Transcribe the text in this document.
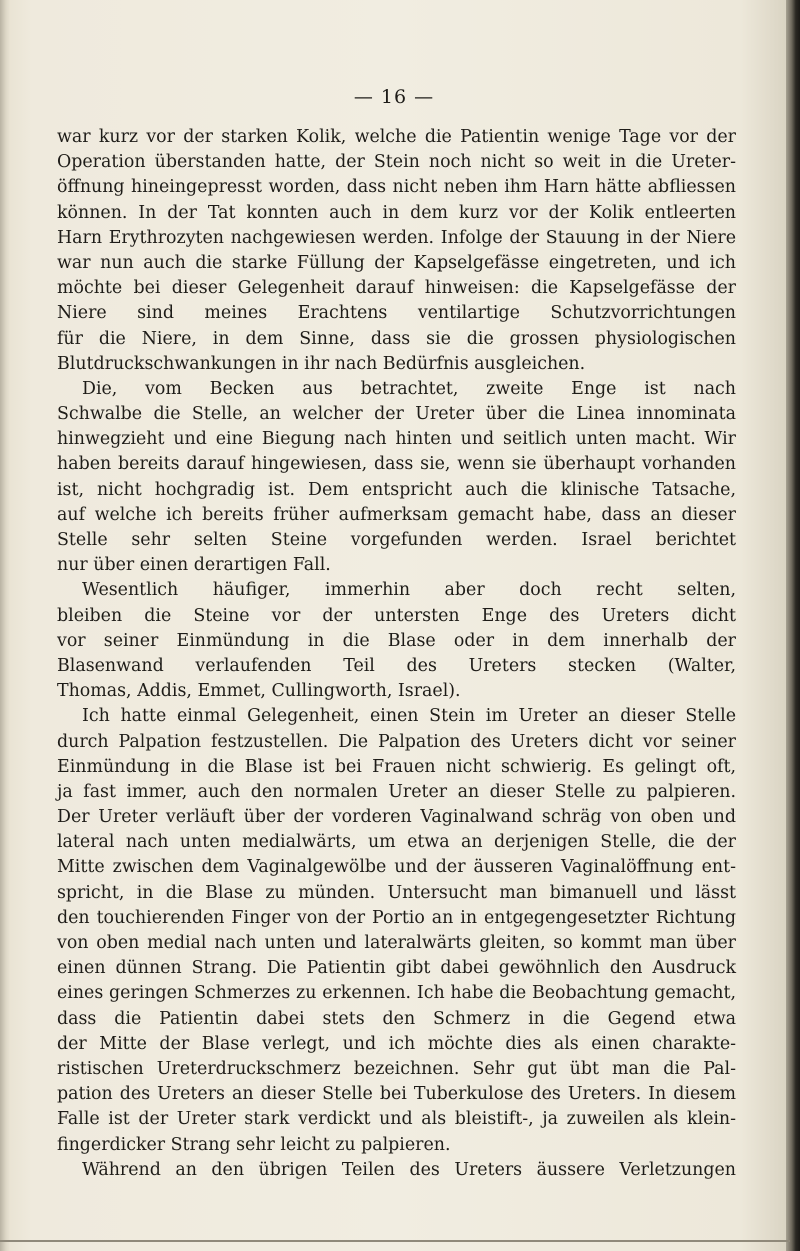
— 16 —
war kurz vor der starken Kolik, welche die Patientin wenige Tage vor der
Operation überstanden hatte, der Stein noch nicht so weit in die Ureter-
öffnung hineingepresst worden, dass nicht neben ihm Harn hätte abfliessen
können. In der Tat konnten auch in dem kurz vor der Kolik entleerten
Harn Erythrozyten nachgewiesen werden. Infolge der Stauung in der Niere
war nun auch die starke Füllung der Kapselgefässe eingetreten, und ich
möchte bei dieser Gelegenheit darauf hinweisen: die Kapselgefässe der
Niere sind meines Erachtens ventilartige Schutzvorrichtungen
für die Niere, in dem Sinne, dass sie die grossen physiologischen
Blutdruckschwankungen in ihr nach Bedürfnis ausgleichen.
Die, vom Becken aus betrachtet, zweite Enge ist nach
Schwalbe die Stelle, an welcher der Ureter über die Linea innominata
hinwegzieht und eine Biegung nach hinten und seitlich unten macht. Wir
haben bereits darauf hingewiesen, dass sie, wenn sie überhaupt vorhanden
ist, nicht hochgradig ist. Dem entspricht auch die klinische Tatsache,
auf welche ich bereits früher aufmerksam gemacht habe, dass an dieser
Stelle sehr selten Steine vorgefunden werden. Israel berichtet
nur über einen derartigen Fall.
Wesentlich häufiger, immerhin aber doch recht selten,
bleiben die Steine vor der untersten Enge des Ureters dicht
vor seiner Einmündung in die Blase oder in dem innerhalb der
Blasenwand verlaufenden Teil des Ureters stecken (Walter,
Thomas, Addis, Emmet, Cullingworth, Israel).
Ich hatte einmal Gelegenheit, einen Stein im Ureter an dieser Stelle
durch Palpation festzustellen. Die Palpation des Ureters dicht vor seiner
Einmündung in die Blase ist bei Frauen nicht schwierig. Es gelingt oft,
ja fast immer, auch den normalen Ureter an dieser Stelle zu palpieren.
Der Ureter verläuft über der vorderen Vaginalwand schräg von oben und
lateral nach unten medialwärts, um etwa an derjenigen Stelle, die der
Mitte zwischen dem Vaginalgewölbe und der äusseren Vaginalöffnung ent-
spricht, in die Blase zu münden. Untersucht man bimanuell und lässt
den touchierenden Finger von der Portio an in entgegengesetzter Richtung
von oben medial nach unten und lateralwärts gleiten, so kommt man über
einen dünnen Strang. Die Patientin gibt dabei gewöhnlich den Ausdruck
eines geringen Schmerzes zu erkennen. Ich habe die Beobachtung gemacht,
dass die Patientin dabei stets den Schmerz in die Gegend etwa
der Mitte der Blase verlegt, und ich möchte dies als einen charakte-
ristischen Ureterdruckschmerz bezeichnen. Sehr gut übt man die Pal-
pation des Ureters an dieser Stelle bei Tuberkulose des Ureters. In diesem
Falle ist der Ureter stark verdickt und als bleistift-, ja zuweilen als klein-
fingerdicker Strang sehr leicht zu palpieren.
Während an den übrigen Teilen des Ureters äussere Verletzungen
